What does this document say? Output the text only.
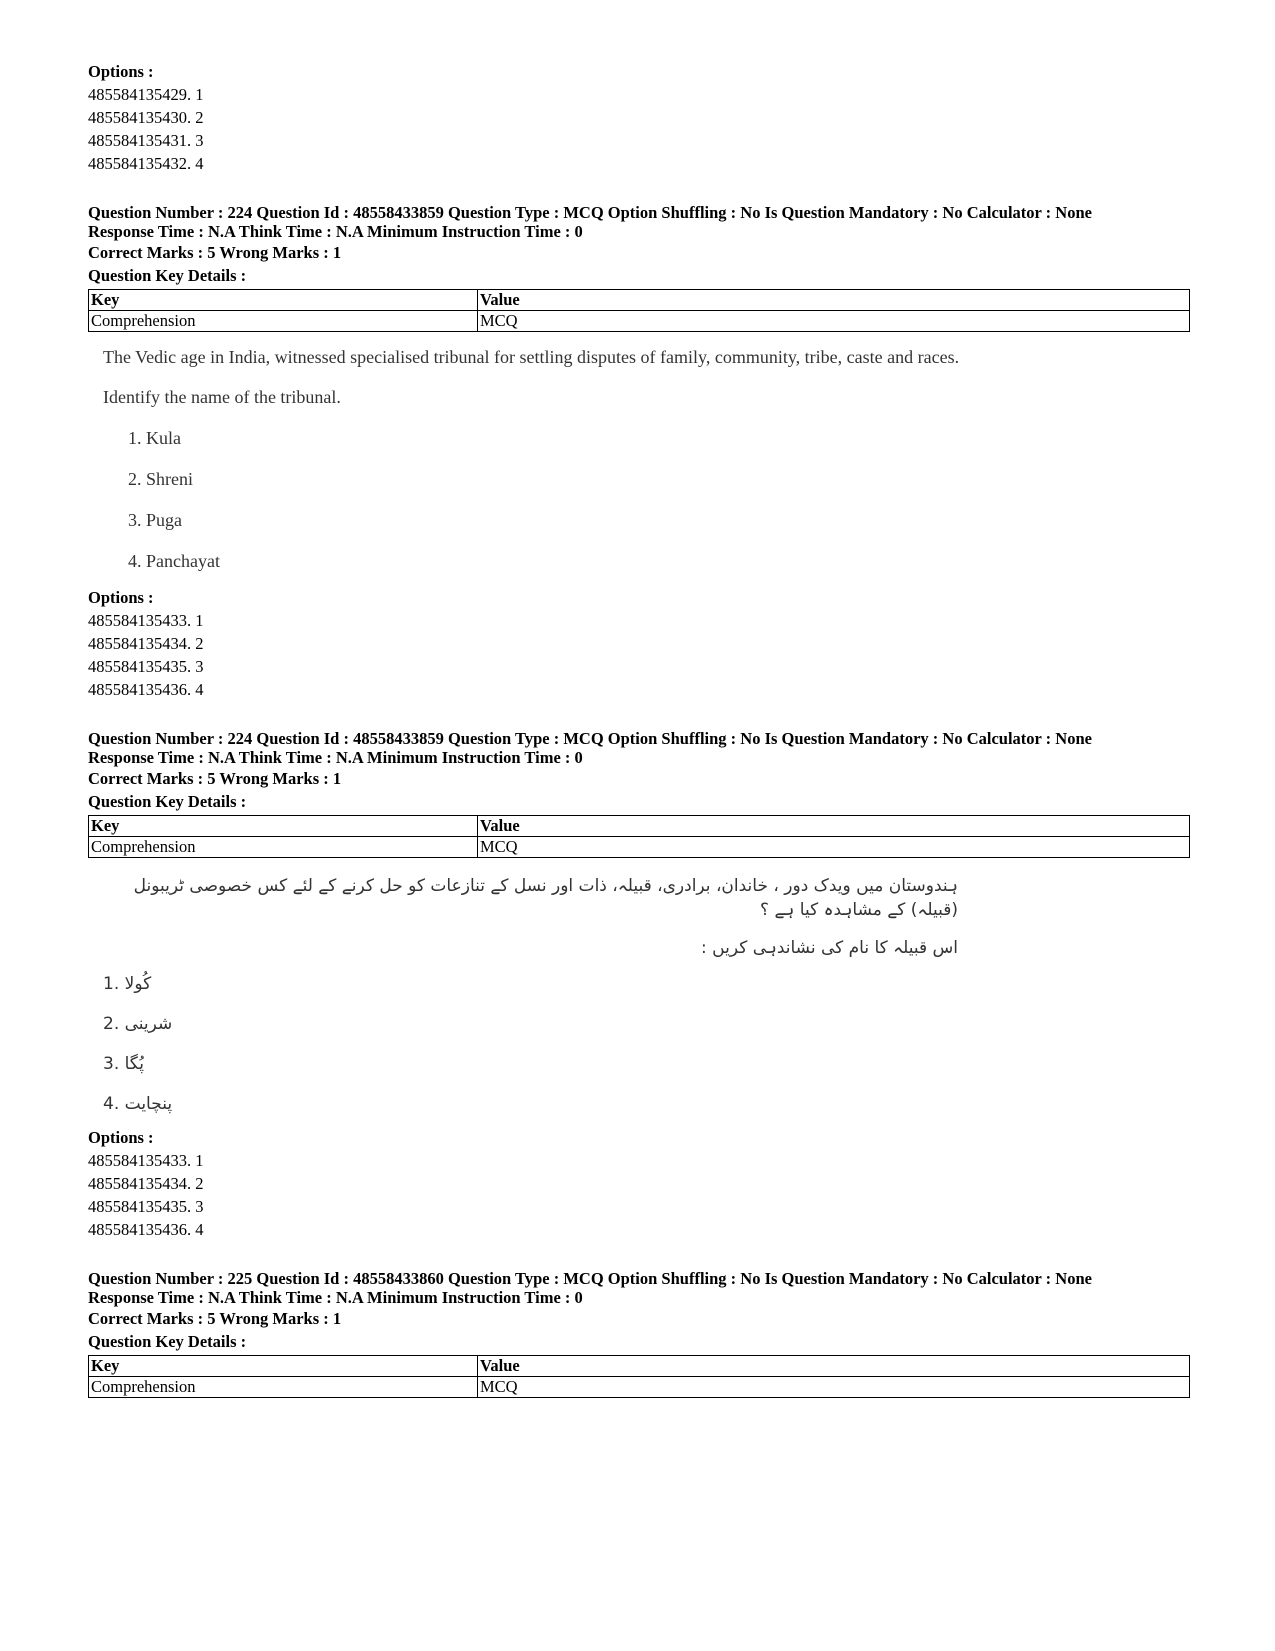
Options :
485584135429. 1
485584135430. 2
485584135431. 3
485584135432. 4
Question Number : 224 Question Id : 48558433859 Question Type : MCQ Option Shuffling : No Is Question Mandatory : No Calculator : None
Response Time : N.A Think Time : N.A Minimum Instruction Time : 0
Correct Marks : 5 Wrong Marks : 1
Question Key Details :
Key	Value
Comprehension	MCQ
The Vedic age in India, witnessed specialised tribunal for settling disputes of family, community, tribe, caste and races.
Identify the name of the tribunal.
1. Kula
2. Shreni
3. Puga
4. Panchayat
Options :
485584135433. 1
485584135434. 2
485584135435. 3
485584135436. 4
Question Number : 224 Question Id : 48558433859 Question Type : MCQ Option Shuffling : No Is Question Mandatory : No Calculator : None
Response Time : N.A Think Time : N.A Minimum Instruction Time : 0
Correct Marks : 5 Wrong Marks : 1
Question Key Details :
Key	Value
Comprehension	MCQ
ہندوستان میں ویدک دور ، خاندان، برادری، قبیلہ، ذات اور نسل کے تنازعات کو حل کرنے کے لئے کس خصوصی ٹریبونل (قبیلہ) کے مشاہدہ کیا ہے ؟
اس قبیلہ کا نام کی نشاندہی کریں :
1. کُولا
2. شرینی
3. پُگا
4. پنچایت
Options :
485584135433. 1
485584135434. 2
485584135435. 3
485584135436. 4
Question Number : 225 Question Id : 48558433860 Question Type : MCQ Option Shuffling : No Is Question Mandatory : No Calculator : None
Response Time : N.A Think Time : N.A Minimum Instruction Time : 0
Correct Marks : 5 Wrong Marks : 1
Question Key Details :
Key	Value
Comprehension	MCQ
